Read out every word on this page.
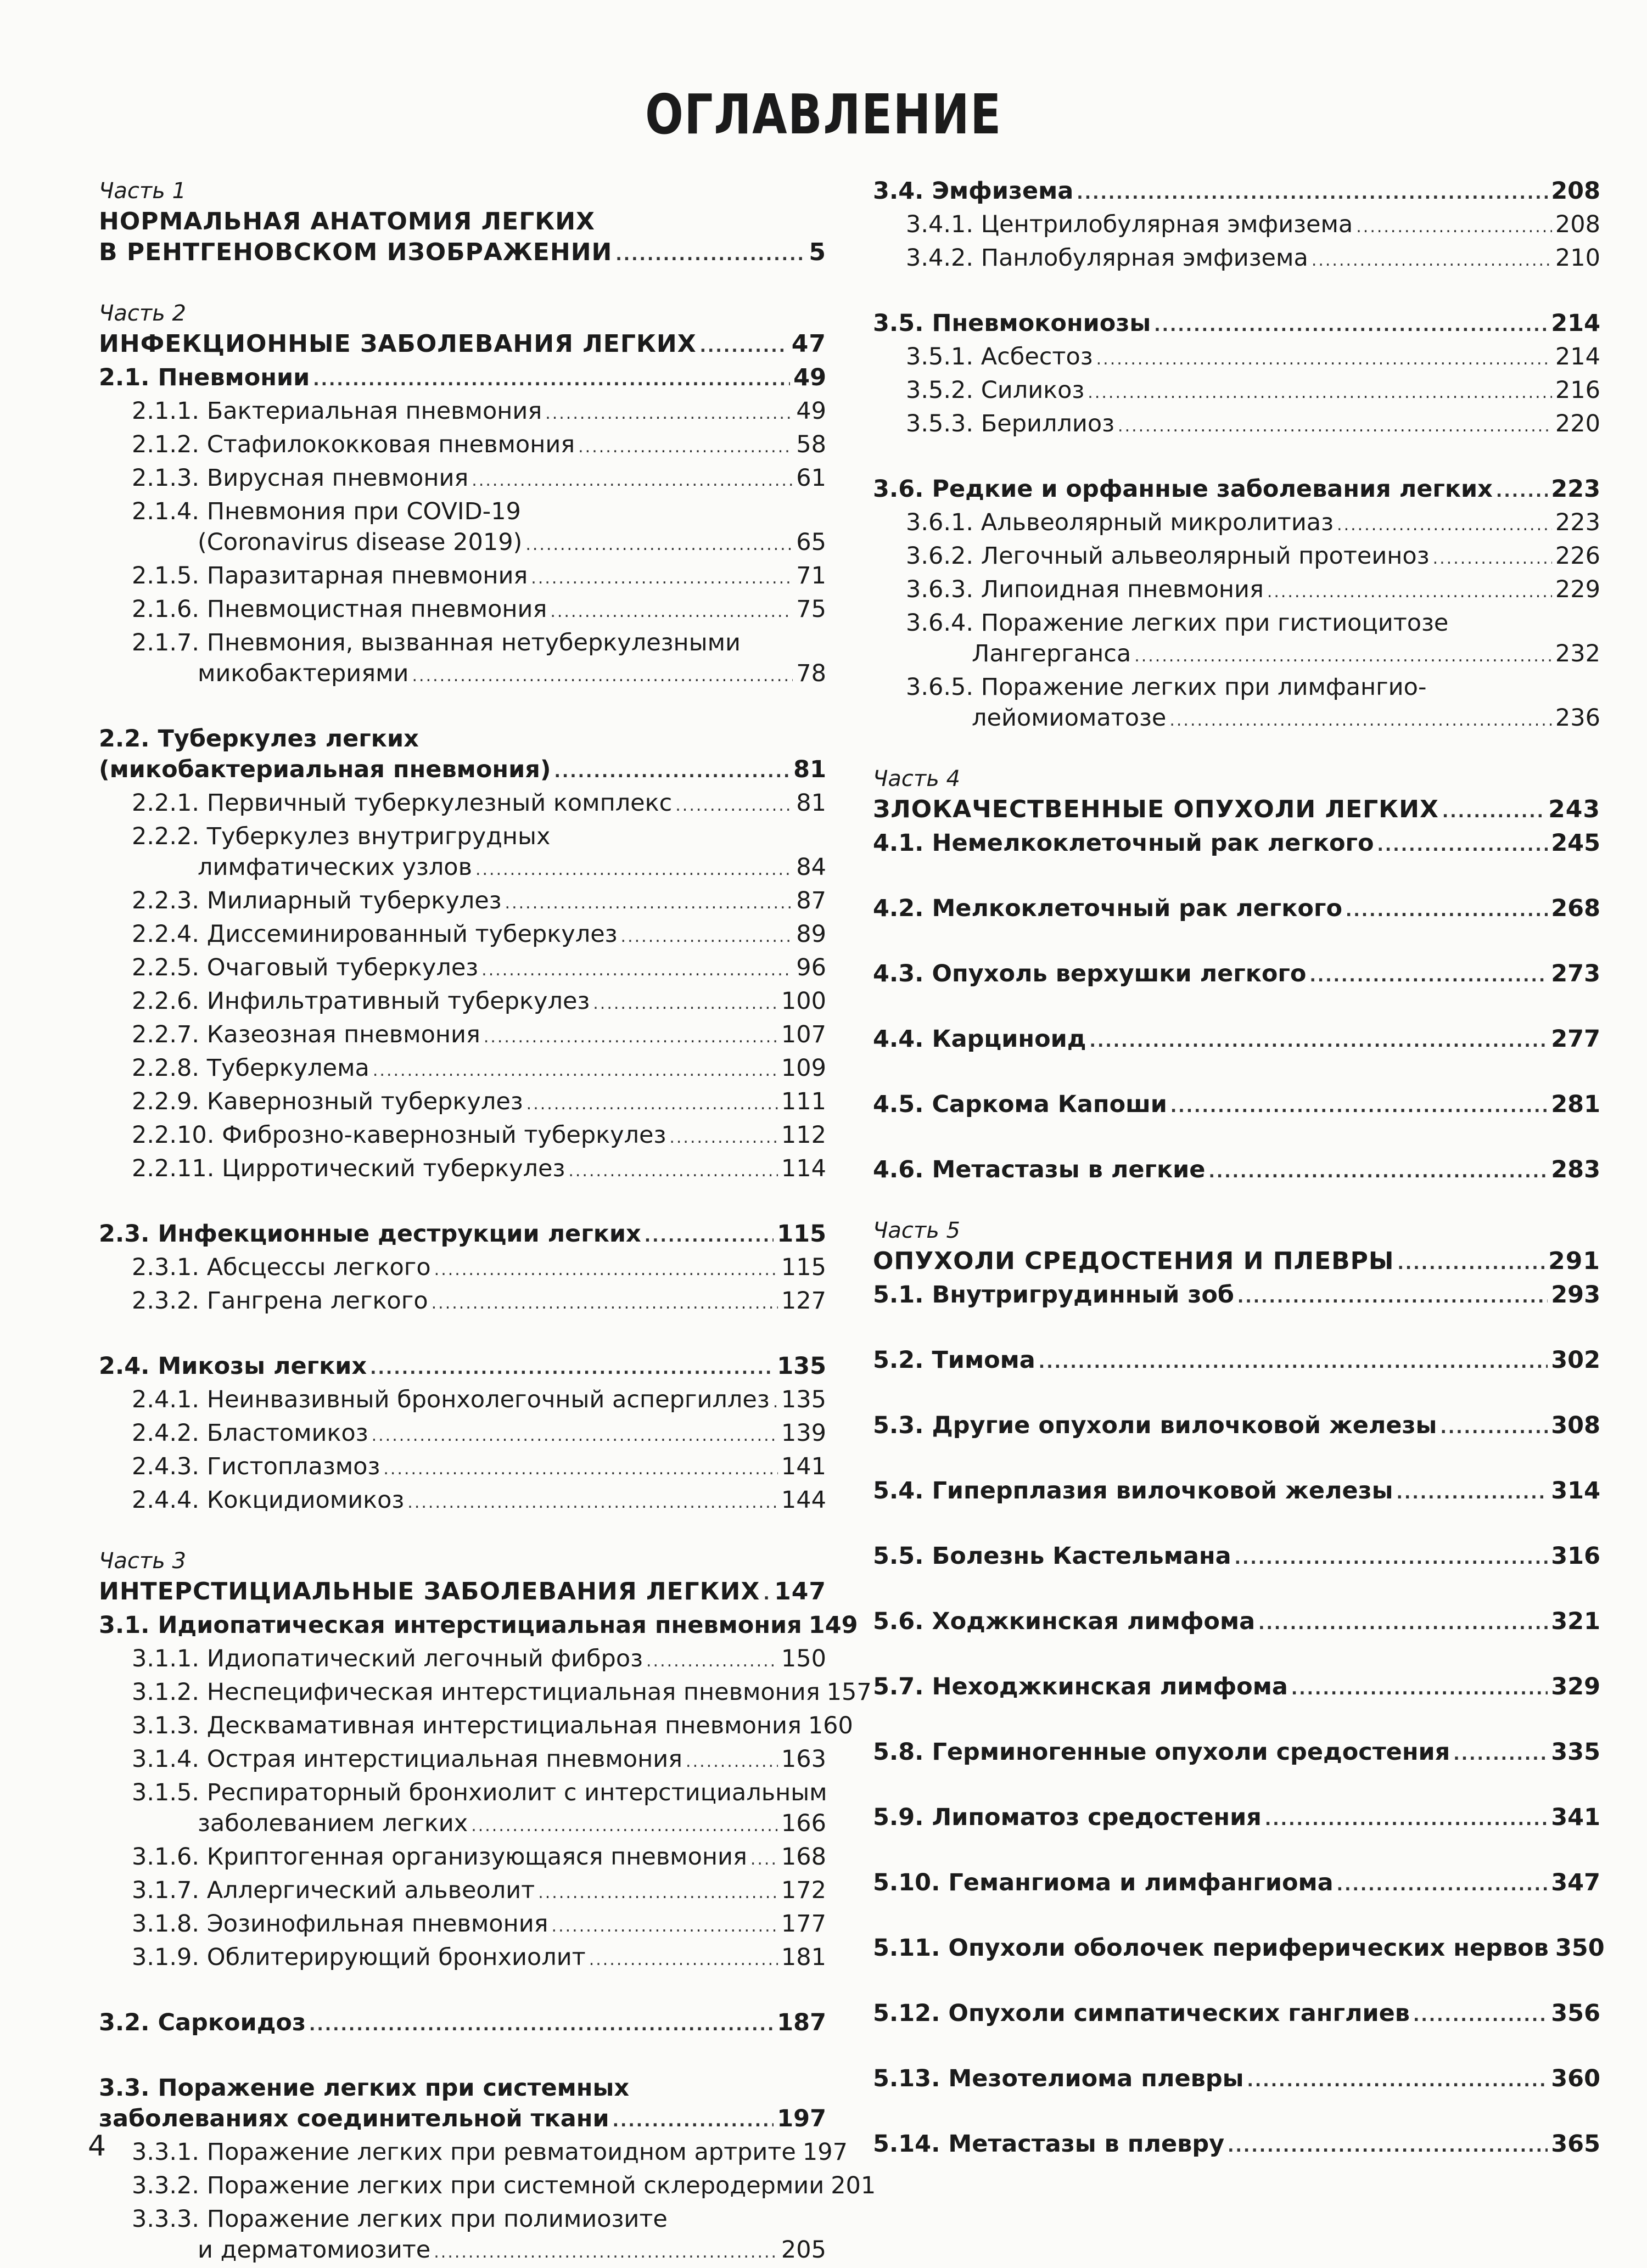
ОГЛАВЛЕНИЕ
Часть 1
НОРМАЛЬНАЯ АНАТОМИЯ ЛЕГКИХ
В РЕНТГЕНОВСКОМ ИЗОБРАЖЕНИИ .....	5
Часть 2
ИНФЕКЦИОННЫЕ ЗАБОЛЕВАНИЯ ЛЕГКИХ .....	47
2.1. Пневмонии .....	49
2.1.1. Бактериальная пневмония .....	49
2.1.2. Стафилококковая пневмония .....	58
2.1.3. Вирусная пневмония .....	61
2.1.4. Пневмония при COVID-19
(Coronavirus disease 2019) .....	65
2.1.5. Паразитарная пневмония .....	71
2.1.6. Пневмоцистная пневмония .....	75
2.1.7. Пневмония, вызванная нетуберкулезными
микобактериями .....	78
2.2. Туберкулез легких
(микобактериальная пневмония) .....	81
2.2.1. Первичный туберкулезный комплекс .....	81
2.2.2. Туберкулез внутригрудных
лимфатических узлов .....	84
2.2.3. Милиарный туберкулез .....	87
2.2.4. Диссеминированный туберкулез .....	89
2.2.5. Очаговый туберкулез .....	96
2.2.6. Инфильтративный туберкулез .....	100
2.2.7. Казеозная пневмония .....	107
2.2.8. Туберкулема .....	109
2.2.9. Кавернозный туберкулез .....	111
2.2.10. Фиброзно-кавернозный туберкулез .....	112
2.2.11. Цирротический туберкулез .....	114
2.3. Инфекционные деструкции легких .....	115
2.3.1. Абсцессы легкого .....	115
2.3.2. Гангрена легкого .....	127
2.4. Микозы легких .....	135
2.4.1. Неинвазивный бронхолегочный аспергиллез ..... 135
2.4.2. Бластомикоз .....	139
2.4.3. Гистоплазмоз .....	141
2.4.4. Кокцидиомикоз .....	144
Часть 3
ИНТЕРСТИЦИАЛЬНЫЕ ЗАБОЛЕВАНИЯ ЛЕГКИХ ..... 147
3.1. Идиопатическая интерстициальная пневмония 149
3.1.1. Идиопатический легочный фиброз .....	150
3.1.2. Неспецифическая интерстициальная пневмония 157
3.1.3. Десквамативная интерстициальная пневмония 160
3.1.4. Острая интерстициальная пневмония .....	163
3.1.5. Респираторный бронхиолит с интерстициальным
заболеванием легких .....	166
3.1.6. Криптогенная организующаяся пневмония ..... 168
3.1.7. Аллергический альвеолит .....	172
3.1.8. Эозинофильная пневмония .....	177
3.1.9. Облитерирующий бронхиолит .....	181
3.2. Саркоидоз .....	187
3.3. Поражение легких при системных
заболеваниях соединительной ткани .....	197
3.3.1. Поражение легких при ревматоидном артрите 197
3.3.2. Поражение легких при системной склеродермии 201
3.3.3. Поражение легких при полимиозите
и дерматомиозите .....	205
3.4. Эмфизема .....	208
3.4.1. Центрилобулярная эмфизема .....	208
3.4.2. Панлобулярная эмфизема .....	210
3.5. Пневмокониозы .....	214
3.5.1. Асбестоз .....	214
3.5.2. Силикоз .....	216
3.5.3. Бериллиоз .....	220
3.6. Редкие и орфанные заболевания легких ..... 223
3.6.1. Альвеолярный микролитиаз .....	223
3.6.2. Легочный альвеолярный протеиноз .....	226
3.6.3. Липоидная пневмония .....	229
3.6.4. Поражение легких при гистиоцитозе
Лангерганса .....	232
3.6.5. Поражение легких при лимфангио-
лейомиоматозе .....	236
Часть 4
ЗЛОКАЧЕСТВЕННЫЕ ОПУХОЛИ ЛЕГКИХ .....	243
4.1. Немелкоклеточный рак легкого .....	245
4.2. Мелкоклеточный рак легкого .....	268
4.3. Опухоль верхушки легкого .....	273
4.4. Карциноид .....	277
4.5. Саркома Капоши .....	281
4.6. Метастазы в легкие .....	283
Часть 5
ОПУХОЛИ СРЕДОСТЕНИЯ И ПЛЕВРЫ .....	291
5.1. Внутригрудинный зоб .....	293
5.2. Тимома .....	302
5.3. Другие опухоли вилочковой железы .....	308
5.4. Гиперплазия вилочковой железы .....	314
5.5. Болезнь Кастельмана .....	316
5.6. Ходжкинская лимфома .....	321
5.7. Неходжкинская лимфома .....	329
5.8. Герминогенные опухоли средостения .....	335
5.9. Липоматоз средостения .....	341
5.10. Гемангиома и лимфангиома .....	347
5.11. Опухоли оболочек периферических нервов 350
5.12. Опухоли симпатических ганглиев .....	356
5.13. Мезотелиома плевры .....	360
5.14. Метастазы в плевру .....	365
4
